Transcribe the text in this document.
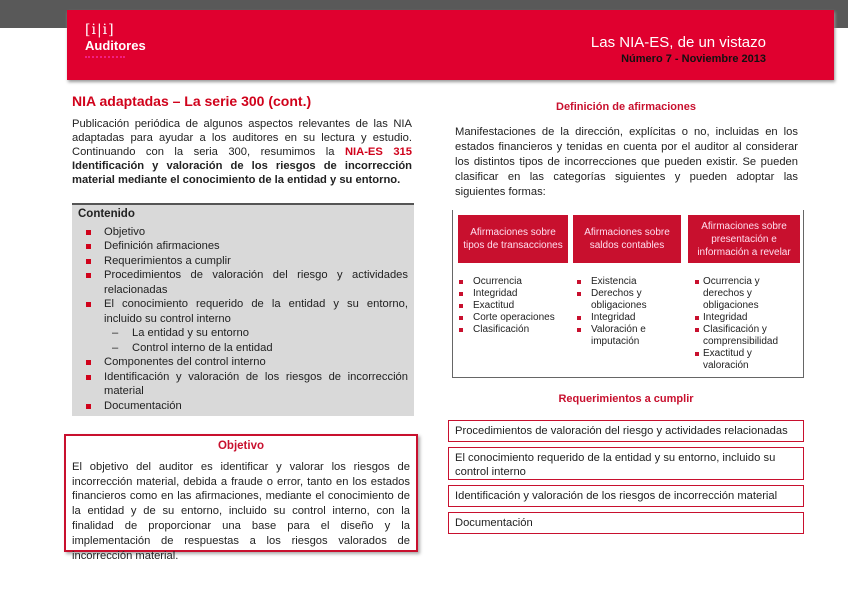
[i|i]
Auditores	Las NIA-ES, de un vistazo
Número 7 - Noviembre 2013
NIA adaptadas – La serie 300 (cont.)
Publicación periódica de algunos aspectos relevantes de las NIA adaptadas para ayudar a los auditores en su lectura y estudio. Continuando con la seria 300, resumimos la NIA-ES 315 Identificación y valoración de los riesgos de incorrección material mediante el conocimiento de la entidad y su entorno.
Contenido
Objetivo
Definición afirmaciones
Requerimientos a cumplir
Procedimientos de valoración del riesgo y actividades relacionadas
El conocimiento requerido de la entidad y su entorno, incluido su control interno
– La entidad y su entorno
– Control interno de la entidad
Componentes del control interno
Identificación y valoración de los riesgos de incorrección material
Documentación
Objetivo

El objetivo del auditor es identificar y valorar los riesgos de incorrección material, debida a fraude o error, tanto en los estados financieros como en las afirmaciones, mediante el conocimiento de la entidad y de su entorno, incluido su control interno, con la finalidad de proporcionar una base para el diseño y la implementación de respuestas a los riesgos valorados de incorrección material.

Definición de afirmaciones
Manifestaciones de la dirección, explícitas o no, incluidas en los estados financieros y tenidas en cuenta por el auditor al considerar los distintos tipos de incorrecciones que pueden existir. Se pueden clasificar en las categorías siguientes y pueden adoptar las siguientes formas:
Afirmaciones sobre tipos de transacciones
Afirmaciones sobre saldos contables
Afirmaciones sobre presentación e información a revelar
Ocurrencia
Integridad
Exactitud
Corte operaciones
Clasificación
Existencia
Derechos y obligaciones
Integridad
Valoración e imputación
Ocurrencia y derechos y obligaciones
Integridad
Clasificación y comprensibilidad
Exactitud y valoración
Requerimientos a cumplir
Procedimientos de valoración del riesgo y actividades relacionadas
El conocimiento requerido de la entidad y su entorno, incluido su control interno
Identificación y valoración de los riesgos de incorrección material
Documentación
